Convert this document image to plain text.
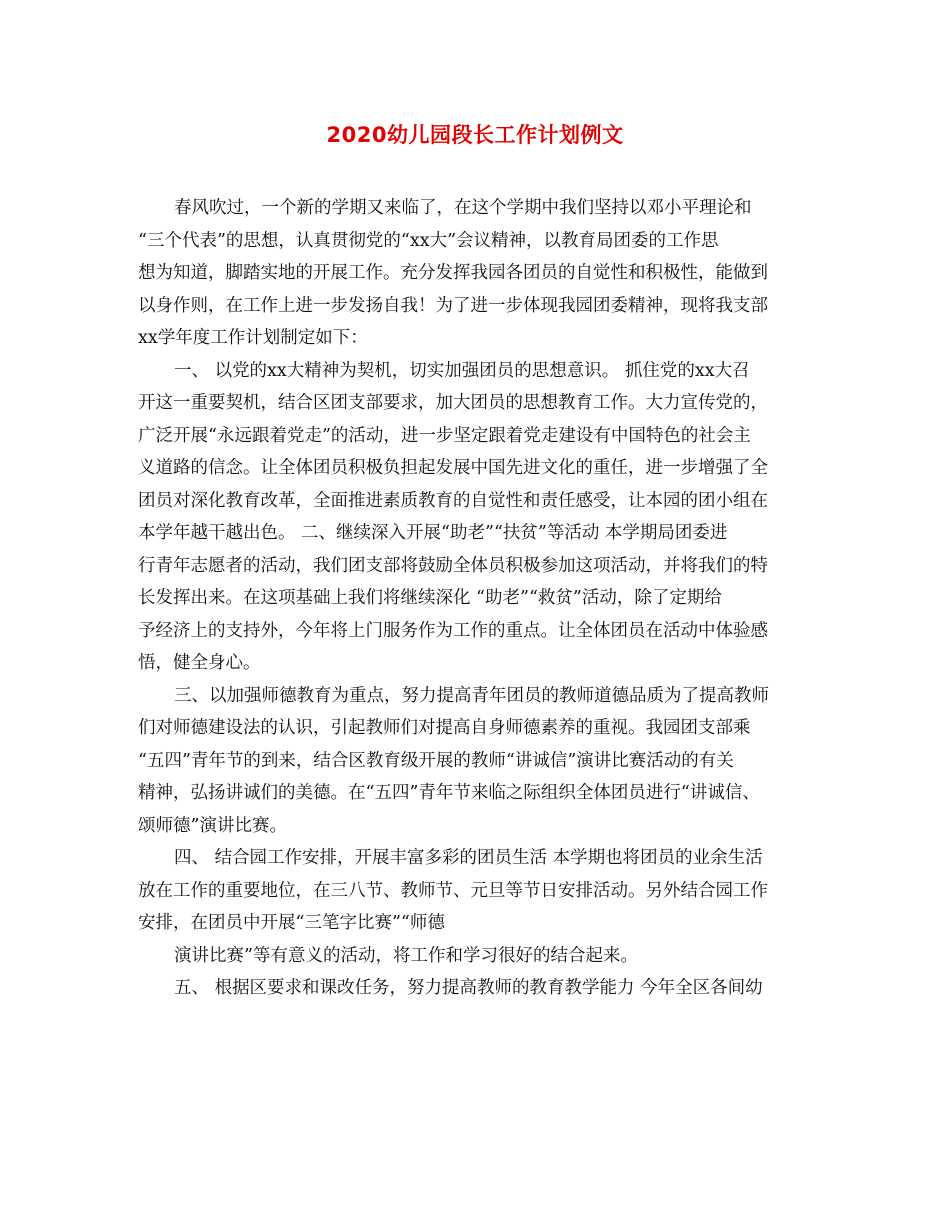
2020幼儿园段长工作计划例文
春风吹过，一个新的学期又来临了，在这个学期中我们坚持以邓小平理论和
“三个代表”的思想，认真贯彻党的“xx大”会议精神，以教育局团委的工作思
想为知道，脚踏实地的开展工作。充分发挥我园各团员的自觉性和积极性，能做到
以身作则，在工作上进一步发扬自我！为了进一步体现我园团委精神，现将我支部
xx学年度工作计划制定如下：
一、 以党的xx大精神为契机，切实加强团员的思想意识。 抓住党的xx大召
开这一重要契机，结合区团支部要求，加大团员的思想教育工作。大力宣传党的，
广泛开展“永远跟着党走”的活动，进一步坚定跟着党走建设有中国特色的社会主
义道路的信念。让全体团员积极负担起发展中国先进文化的重任，进一步增强了全
团员对深化教育改革，全面推进素质教育的自觉性和责任感受，让本园的团小组在
本学年越干越出色。 二、继续深入开展“助老”“扶贫”等活动 本学期局团委进
行青年志愿者的活动，我们团支部将鼓励全体员积极参加这项活动，并将我们的特
长发挥出来。在这项基础上我们将继续深化 “助老”“救贫”活动，除了定期给
予经济上的支持外，今年将上门服务作为工作的重点。让全体团员在活动中体验感
悟，健全身心。
三、以加强师德教育为重点，努力提高青年团员的教师道德品质为了提高教师
们对师德建设法的认识，引起教师们对提高自身师德素养的重视。我园团支部乘
“五四”青年节的到来，结合区教育级开展的教师“讲诚信”演讲比赛活动的有关
精神，弘扬讲诚们的美德。在“五四”青年节来临之际组织全体团员进行“讲诚信、
颂师德”演讲比赛。
四、 结合园工作安排，开展丰富多彩的团员生活 本学期也将团员的业余生活
放在工作的重要地位，在三八节、教师节、元旦等节日安排活动。另外结合园工作
安排，在团员中开展“三笔字比赛”“师德
演讲比赛”等有意义的活动，将工作和学习很好的结合起来。
五、 根据区要求和课改任务，努力提高教师的教育教学能力 今年全区各间幼
